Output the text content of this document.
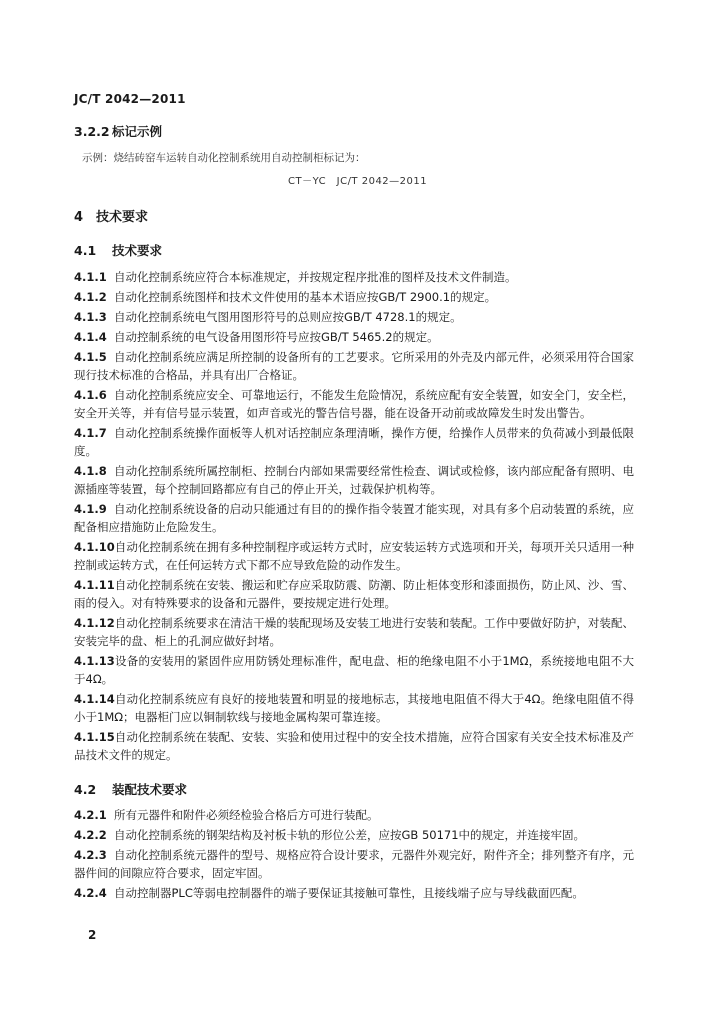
JC/T 2042—2011
3.2.2 标记示例
示例：烧结砖窑车运转自动化控制系统用自动控制柜标记为：
CT－YC　JC/T 2042—2011
4 技术要求
4.1 技术要求

4.1.1 自动化控制系统应符合本标准规定，并按规定程序批准的图样及技术文件制造。

4.1.2 自动化控制系统图样和技术文件使用的基本术语应按GB/T 2900.1的规定。

4.1.3 自动化控制系统电气图用图形符号的总则应按GB/T 4728.1的规定。

4.1.4 自动控制系统的电气设备用图形符号应按GB/T 5465.2的规定。

4.1.5 自动化控制系统应满足所控制的设备所有的工艺要求。它所采用的外壳及内部元件，必须采用符合国家现行技术标准的合格品，并具有出厂合格证。

4.1.6 自动化控制系统应安全、可靠地运行，不能发生危险情况，系统应配有安全装置，如安全门，安全栏，安全开关等，并有信号显示装置，如声音或光的警告信号器，能在设备开动前或故障发生时发出警告。

4.1.7 自动化控制系统操作面板等人机对话控制应条理清晰，操作方便，给操作人员带来的负荷减小到最低限度。

4.1.8 自动化控制系统所属控制柜、控制台内部如果需要经常性检查、调试或检修，该内部应配备有照明、电源插座等装置，每个控制回路都应有自己的停止开关，过载保护机构等。

4.1.9 自动化控制系统设备的启动只能通过有目的的操作指令装置才能实现，对具有多个启动装置的系统，应配备相应措施防止危险发生。

4.1.10自动化控制系统在拥有多种控制程序或运转方式时，应安装运转方式选项和开关，每项开关只适用一种控制或运转方式，在任何运转方式下都不应导致危险的动作发生。

4.1.11自动化控制系统在安装、搬运和贮存应采取防震、防潮、防止柜体变形和漆面损伤，防止风、沙、雪、雨的侵入。对有特殊要求的设备和元器件，要按规定进行处理。

4.1.12自动化控制系统要求在清洁干燥的装配现场及安装工地进行安装和装配。工作中要做好防护，对装配、安装完毕的盘、柜上的孔洞应做好封堵。

4.1.13设备的安装用的紧固件应用防锈处理标准件，配电盘、柜的绝缘电阻不小于1MΩ，系统接地电阻不大于4Ω。

4.1.14自动化控制系统应有良好的接地装置和明显的接地标志，其接地电阻值不得大于4Ω。绝缘电阻值不得小于1MΩ；电器柜门应以铜制软线与接地金属构架可靠连接。

4.1.15自动化控制系统在装配、安装、实验和使用过程中的安全技术措施，应符合国家有关安全技术标准及产品技术文件的规定。

4.2 装配技术要求

4.2.1 所有元器件和附件必须经检验合格后方可进行装配。

4.2.2 自动化控制系统的钢架结构及衬板卡轨的形位公差，应按GB 50171中的规定，并连接牢固。

4.2.3 自动化控制系统元器件的型号、规格应符合设计要求，元器件外观完好，附件齐全；排列整齐有序，元器件间的间隙应符合要求，固定牢固。

4.2.4 自动控制器PLC等弱电控制器件的端子要保证其接触可靠性，且接线端子应与导线截面匹配。

2
